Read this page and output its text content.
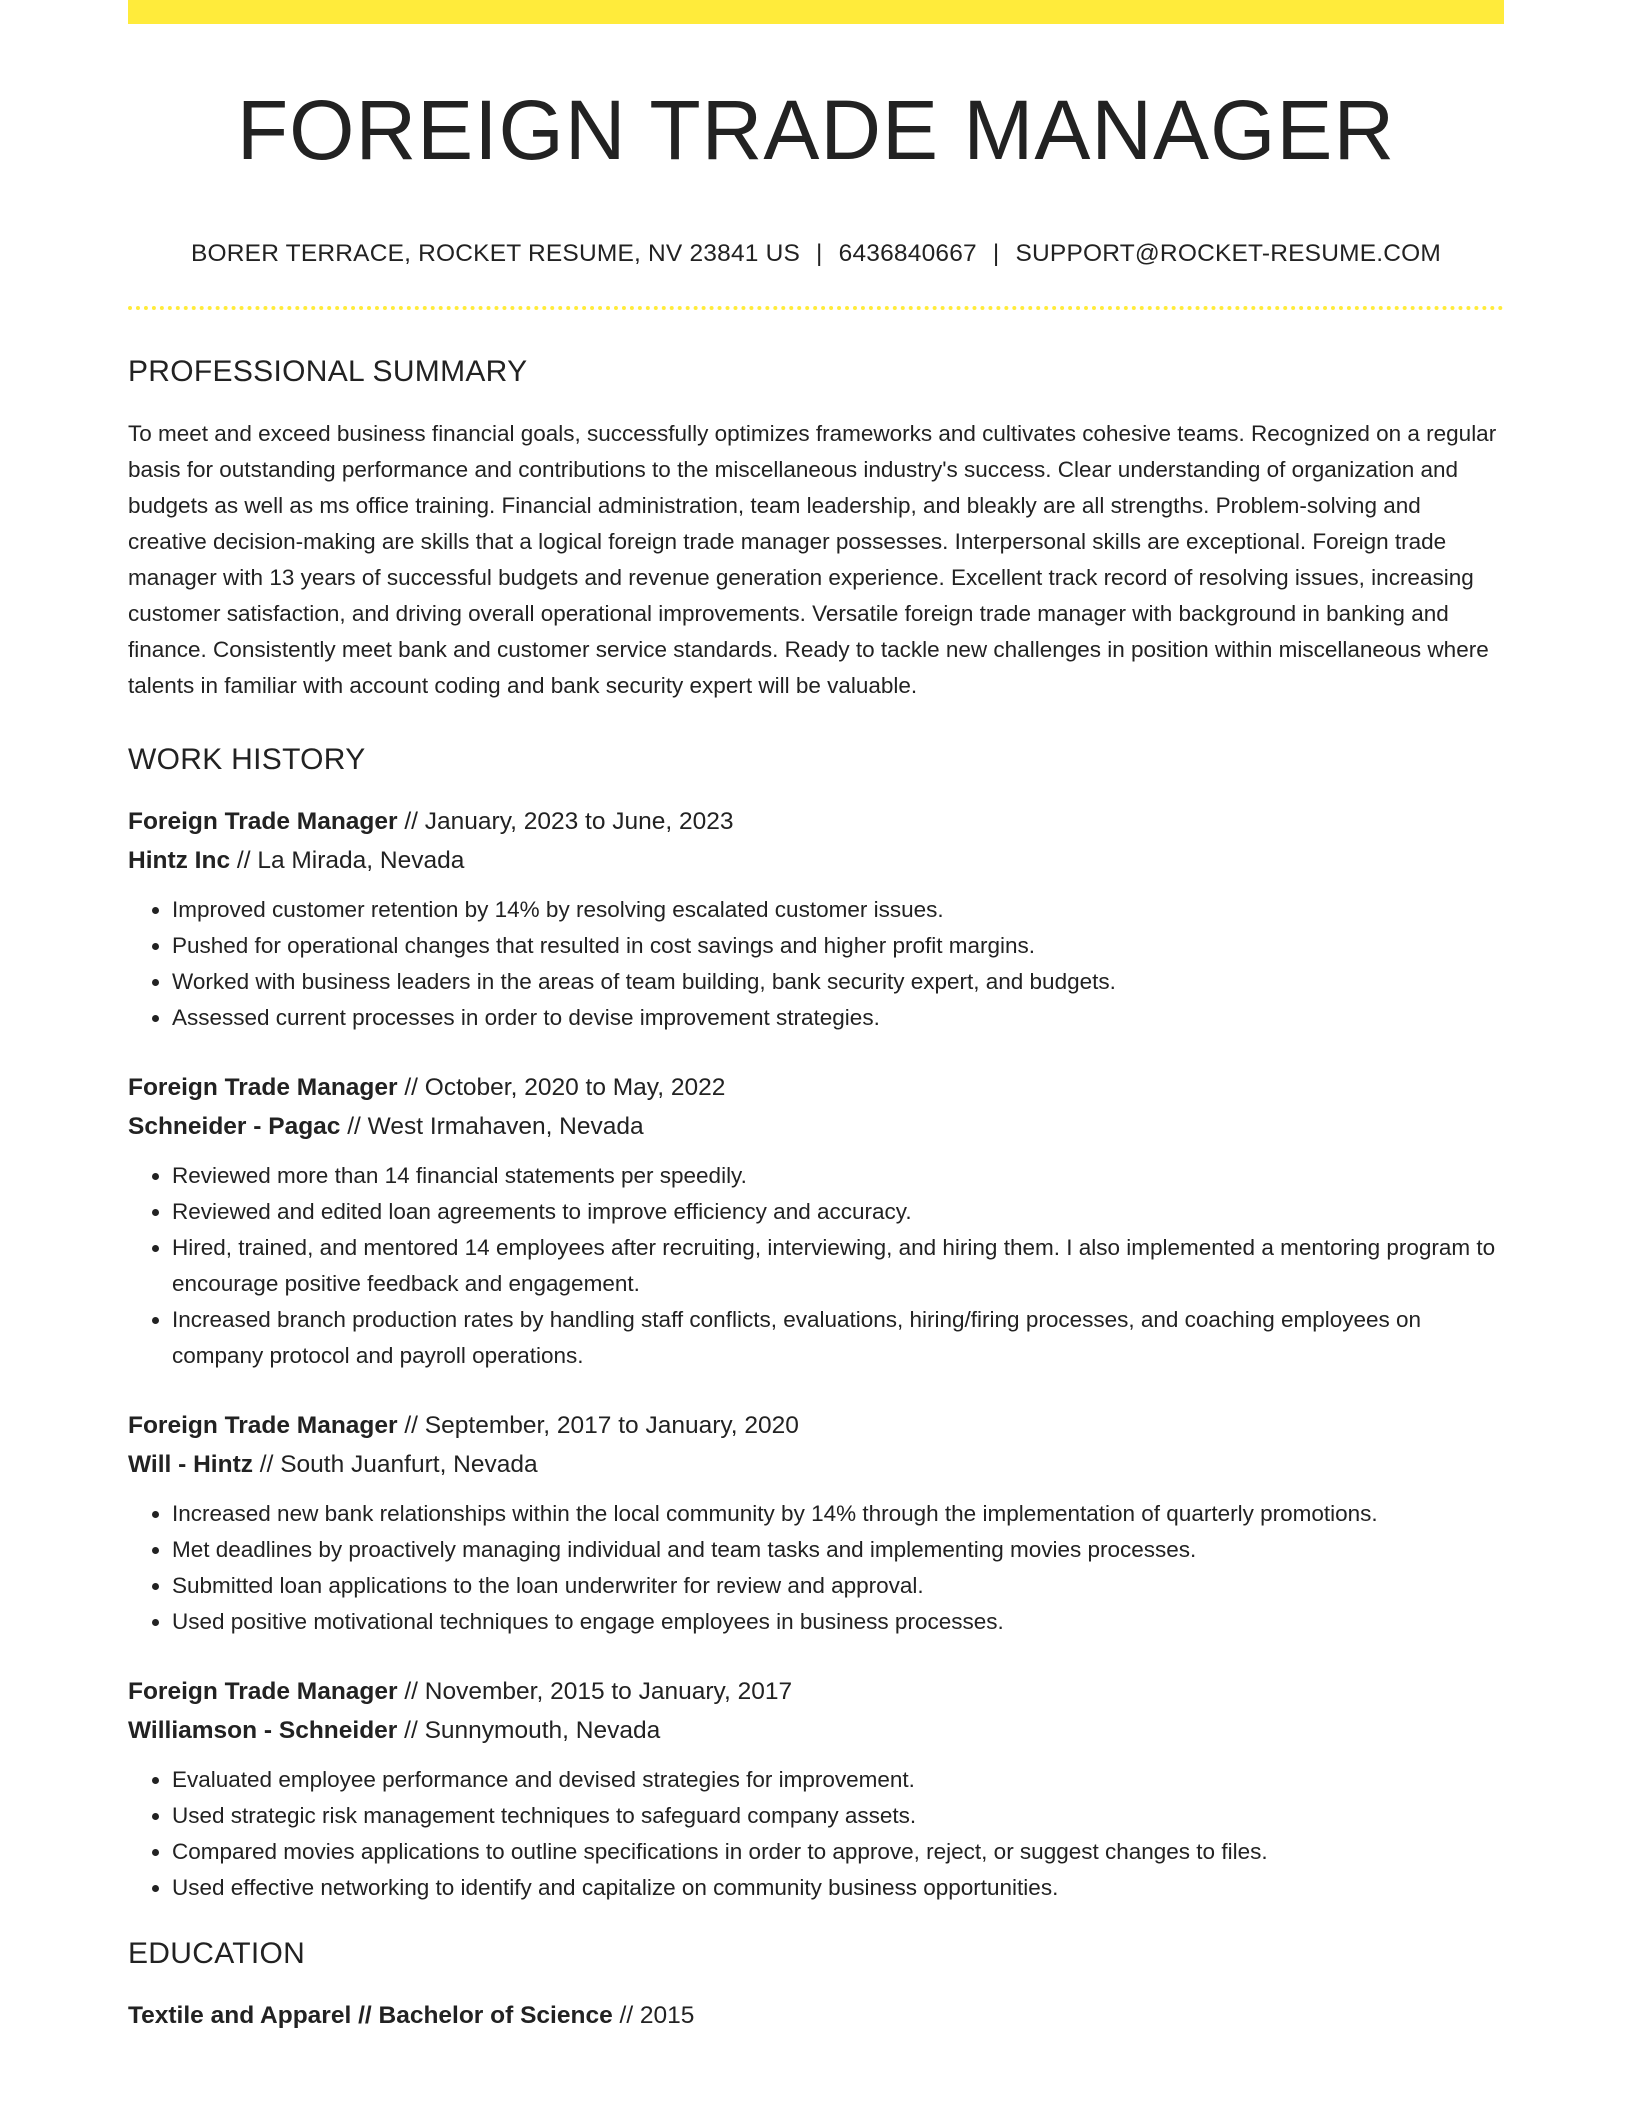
FOREIGN TRADE MANAGER
BORER TERRACE, ROCKET RESUME, NV 23841 US | 6436840667 | SUPPORT@ROCKET-RESUME.COM
PROFESSIONAL SUMMARY

To meet and exceed business financial goals, successfully optimizes frameworks and cultivates cohesive teams. Recognized on a regular basis for outstanding performance and contributions to the miscellaneous industry's success. Clear understanding of organization and budgets as well as ms office training. Financial administration, team leadership, and bleakly are all strengths. Problem-solving and creative decision-making are skills that a logical foreign trade manager possesses. Interpersonal skills are exceptional. Foreign trade manager with 13 years of successful budgets and revenue generation experience. Excellent track record of resolving issues, increasing customer satisfaction, and driving overall operational improvements. Versatile foreign trade manager with background in banking and finance. Consistently meet bank and customer service standards. Ready to tackle new challenges in position within miscellaneous where talents in familiar with account coding and bank security expert will be valuable.

WORK HISTORY
Foreign Trade Manager // January, 2023 to June, 2023
Hintz Inc // La Mirada, Nevada
• Improved customer retention by 14% by resolving escalated customer issues.
• Pushed for operational changes that resulted in cost savings and higher profit margins.
• Worked with business leaders in the areas of team building, bank security expert, and budgets.
• Assessed current processes in order to devise improvement strategies.
Foreign Trade Manager // October, 2020 to May, 2022
Schneider - Pagac // West Irmahaven, Nevada
• Reviewed more than 14 financial statements per speedily.
• Reviewed and edited loan agreements to improve efficiency and accuracy.
• Hired, trained, and mentored 14 employees after recruiting, interviewing, and hiring them. I also implemented a mentoring program to encourage positive feedback and engagement.
• Increased branch production rates by handling staff conflicts, evaluations, hiring/firing processes, and coaching employees on company protocol and payroll operations.
Foreign Trade Manager // September, 2017 to January, 2020
Will - Hintz // South Juanfurt, Nevada
• Increased new bank relationships within the local community by 14% through the implementation of quarterly promotions.
• Met deadlines by proactively managing individual and team tasks and implementing movies processes.
• Submitted loan applications to the loan underwriter for review and approval.
• Used positive motivational techniques to engage employees in business processes.
Foreign Trade Manager // November, 2015 to January, 2017
Williamson - Schneider // Sunnymouth, Nevada
• Evaluated employee performance and devised strategies for improvement.
• Used strategic risk management techniques to safeguard company assets.
• Compared movies applications to outline specifications in order to approve, reject, or suggest changes to files.
• Used effective networking to identify and capitalize on community business opportunities.
EDUCATION
Textile and Apparel // Bachelor of Science // 2015
